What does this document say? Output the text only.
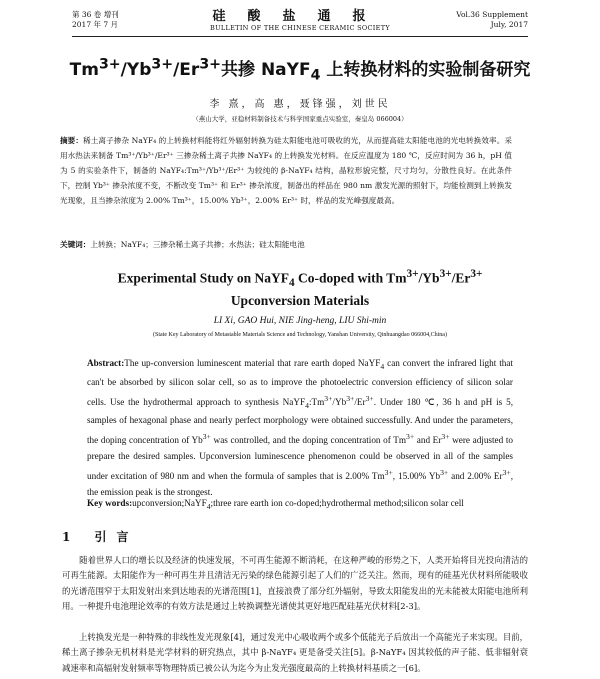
第 36 卷 增刊
2017 年 7 月
硅酸盐通报
BULLETIN OF THE CHINESE CERAMIC SOCIETY
Vol.36 Supplement
July, 2017
$Tm^{3+}/Yb^{3+}/Er^{3+}$共掺 NaYF$_4$ 上转换材料的实验制备研究
李 熹，高 惠，聂锋强，刘世民
（燕山大学，亚稳材料制备技术与科学国家重点实验室，秦皇岛 066004）
摘要：稀土离子掺杂 NaYF₄ 的上转换材料能将红外辐射转换为硅太阳能电池可吸收的光，从而提高硅太阳能电池的光电转换效率。采用水热法来制备 Tm³⁺/Yb³⁺/Er³⁺ 三掺杂稀土离子共掺 NaYF₄ 的上转换发光材料。在反应温度为 180 ℃，反应时间为 36 h，pH 值为 5 的实验条件下，制备的 NaYF₄:Tm³⁺/Yb³⁺/Er³⁺ 为较纯的 β-NaYF₄ 结构，晶粒形貌完整，尺寸均匀，分散性良好。在此条件下，控制 Yb³⁺ 掺杂浓度不变，不断改变 Tm³⁺ 和 Er³⁺ 掺杂浓度，制备出的样品在 980 nm 激发光源的照射下，均能检测到上转换发光现象，且当掺杂浓度为 2.00% Tm³⁺，15.00% Yb³⁺，2.00% Er³⁺ 时，样品的发光峰强度最高。
关键词：上转换；NaYF₄；三掺杂稀土离子共掺；水热法；硅太阳能电池
Experimental Study on NaYF$_4$ Co-doped with $Tm^{3+}/Yb^{3+}/Er^{3+}$
Upconversion Materials
LI Xi, GAO Hui, NIE Jing-heng, LIU Shi-min
(State Key Laboratory of Metastable Materials Science and Technology, Yanshan University, Qinhuangdao 066004,China)
Abstract:The up-conversion luminescent material that rare earth doped NaYF$_4$ can convert the infrared light that can't be absorbed by silicon solar cell, so as to improve the photoelectric conversion efficiency of silicon solar cells. Use the hydrothermal approach to synthesis $NaYF_4:Tm^{3+}/Yb^{3+}/Er^{3+}$. Under 180 ℃, 36 h and pH is 5, samples of hexagonal phase and nearly perfect morphology were obtained successfully. And under the parameters, the doping concentration of $Yb^{3+}$ was controlled, and the doping concentration of $Tm^{3+}$ and $Er^{3+}$ were adjusted to prepare the desired samples. Upconversion luminescence phenomenon could be observed in all of the samples under excitation of 980 nm and when the formula of samples that is 2.00% $Tm^{3+}$, 15.00% $Yb^{3+}$ and 2.00% $Er^{3+}$, the emission peak is the strongest.
Key words:upconversion;NaYF$_4$;three rare earth ion co-doped;hydrothermal method;silicon solar cell
1 引言
随着世界人口的增长以及经济的快速发展，不可再生能源不断消耗，在这种严峻的形势之下，人类开始将目光投向清洁的可再生能源。太阳能作为一种可再生并且清洁无污染的绿色能源引起了人们的广泛关注。然而，现有的硅基光伏材料所能吸收的光谱范围窄于太阳发射出来到达地表的光谱范围[1]，直接浪费了部分红外辐射，导致太阳能发出的光未能被太阳能电池所利用。一种提升电池理论效率的有效方法是通过上转换调整光谱使其更好地匹配硅基光伏材料[2-3]。
上转换发光是一种特殊的非线性发光现象[4]，通过发光中心吸收两个或多个低能光子后放出一个高能光子来实现。目前，稀土离子掺杂无机材料是光学材料的研究热点，其中 β-NaYF₄ 更是备受关注[5]。β-NaYF₄ 因其较低的声子能、低非辐射衰减速率和高辐射发射频率等物理特质已被公认为迄今为止发光强度最高的上转换材料基质之一[6]。
